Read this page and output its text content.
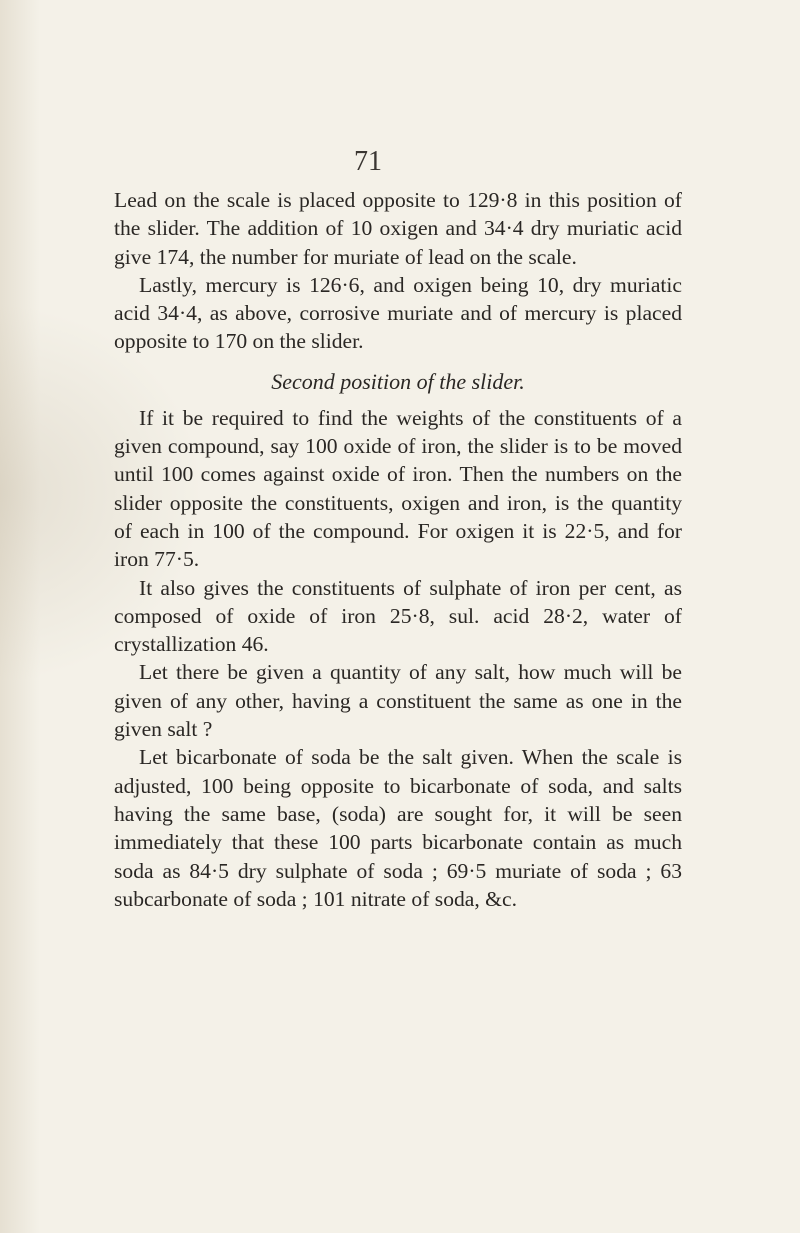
71

Lead on the scale is placed opposite to 129·8 in this position of the slider. The addition of 10 oxigen and 34·4 dry muriatic acid give 174, the number for muriate of lead on the scale.

Lastly, mercury is 126·6, and oxigen being 10, dry muriatic acid 34·4, as above, corrosive muriate and of mercury is placed opposite to 170 on the slider.

Second position of the slider.

If it be required to find the weights of the constituents of a given compound, say 100 oxide of iron, the slider is to be moved until 100 comes against oxide of iron. Then the numbers on the slider opposite the constituents, oxigen and iron, is the quantity of each in 100 of the compound. For oxigen it is 22·5, and for iron 77·5.

It also gives the constituents of sulphate of iron per cent, as composed of oxide of iron 25·8, sul. acid 28·2, water of crystallization 46.

Let there be given a quantity of any salt, how much will be given of any other, having a constituent the same as one in the given salt ?

Let bicarbonate of soda be the salt given. When the scale is adjusted, 100 being opposite to bicarbonate of soda, and salts having the same base, (soda) are sought for, it will be seen immediately that these 100 parts bicarbonate contain as much soda as 84·5 dry sulphate of soda ; 69·5 muriate of soda ; 63 subcarbonate of soda ; 101 nitrate of soda, &c.
